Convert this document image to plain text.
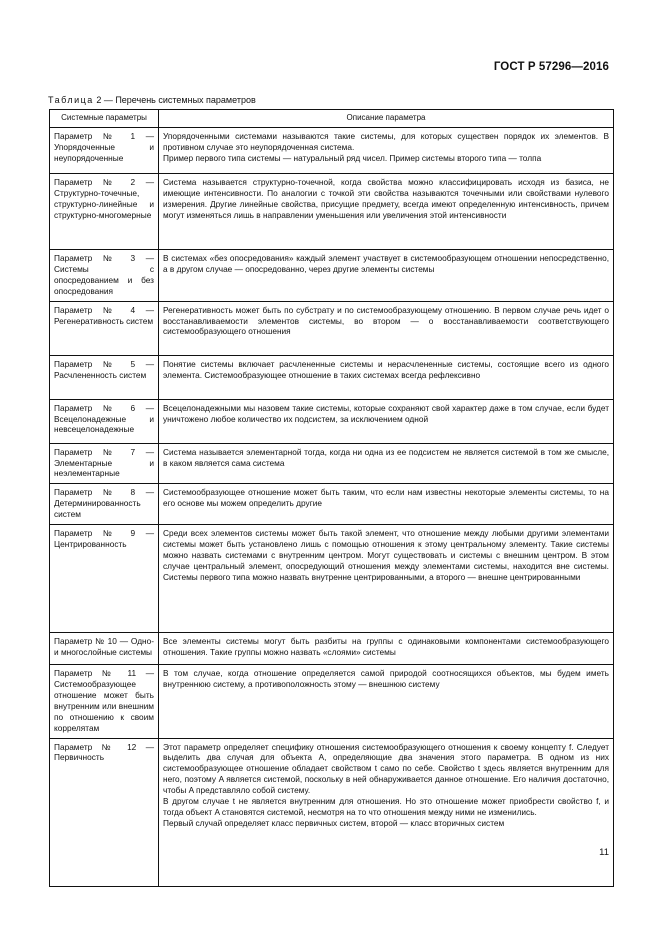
ГОСТ Р 57296—2016
Таблица 2 — Перечень системных параметров
Системные параметры	Описание параметра
Параметр № 1 — Упорядоченные и неупорядоченные	Упорядоченными системами называются такие системы, для которых существен порядок их элементов. В противном случае это неупорядоченная система.
Пример первого типа системы — натуральный ряд чисел. Пример системы второго типа — толпа
Параметр № 2 — Структурно-точечные, структурно-линейные и структурно-многомерные	Система называется структурно-точечной, когда свойства можно классифицировать исходя из базиса, не имеющие интенсивности. По аналогии с точкой эти свойства называются точечными или свойствами нулевого измерения. Другие линейные свойства, присущие предмету, всегда имеют определенную интенсивность, причем могут изменяться лишь в направлении уменьшения или увеличения этой интенсивности
Параметр № 3 — Системы с опосредованием и без опосредования	В системах «без опосредования» каждый элемент участвует в системообразующем отношении непосредственно, а в другом случае — опосредованно, через другие элементы системы
Параметр № 4 — Регенеративность систем	Регенеративность может быть по субстрату и по системообразующему отношению. В первом случае речь идет о восстанавливаемости элементов системы, во втором — о восстанавливаемости соответствующего системообразующего отношения
Параметр № 5 — Расчлененность систем	Понятие системы включает расчлененные системы и нерасчлененные системы, состоящие всего из одного элемента. Системообразующее отношение в таких системах всегда рефлексивно
Параметр № 6 — Всецелонадежные и невсецелонадежные	Всецелонадежными мы назовем такие системы, которые сохраняют свой характер даже в том случае, если будет уничтожено любое количество их подсистем, за исключением одной
Параметр № 7 — Элементарные и неэлементарные	Система называется элементарной тогда, когда ни одна из ее подсистем не является системой в том же смысле, в каком является сама система
Параметр № 8 — Детерминированность систем	Системообразующее отношение может быть таким, что если нам известны некоторые элементы системы, то на его основе мы можем определить другие
Параметр № 9 — Центрированность	Среди всех элементов системы может быть такой элемент, что отношение между любыми другими элементами системы может быть установлено лишь с помощью отношения к этому центральному элементу. Такие системы можно назвать системами с внутренним центром. Могут существовать и системы с внешним центром. В этом случае центральный элемент, опосредующий отношения между элементами системы, находится вне системы. Системы первого типа можно назвать внутренне центрированными, а второго — внешне центрированными
Параметр № 10 — Одно- и многослойные системы	Все элементы системы могут быть разбиты на группы с одинаковыми компонентами системообразующего отношения. Такие группы можно назвать «слоями» системы
Параметр № 11 — Системообразующее отношение может быть внутренним или внешним по отношению к своим коррелятам	В том случае, когда отношение определяется самой природой соотносящихся объектов, мы будем иметь внутреннюю систему, а противоположность этому — внешнюю систему
Параметр № 12 — Первичность	Этот параметр определяет специфику отношения системообразующего отношения к своему концепту f. Следует выделить два случая для объекта A, определяющие два значения этого параметра. В одном из них системообразующее отношение обладает свойством t само по себе. Свойство t здесь является внутренним для него, поэтому A является системой, поскольку в ней обнаруживается данное отношение. Его наличия достаточно, чтобы A представляло собой систему.
В другом случае t не является внутренним для отношения. Но это отношение может приобрести свойство f, и тогда объект A становятся системой, несмотря на то что отношения между ними не изменились.
Первый случай определяет класс первичных систем, второй — класс вторичных систем
11
